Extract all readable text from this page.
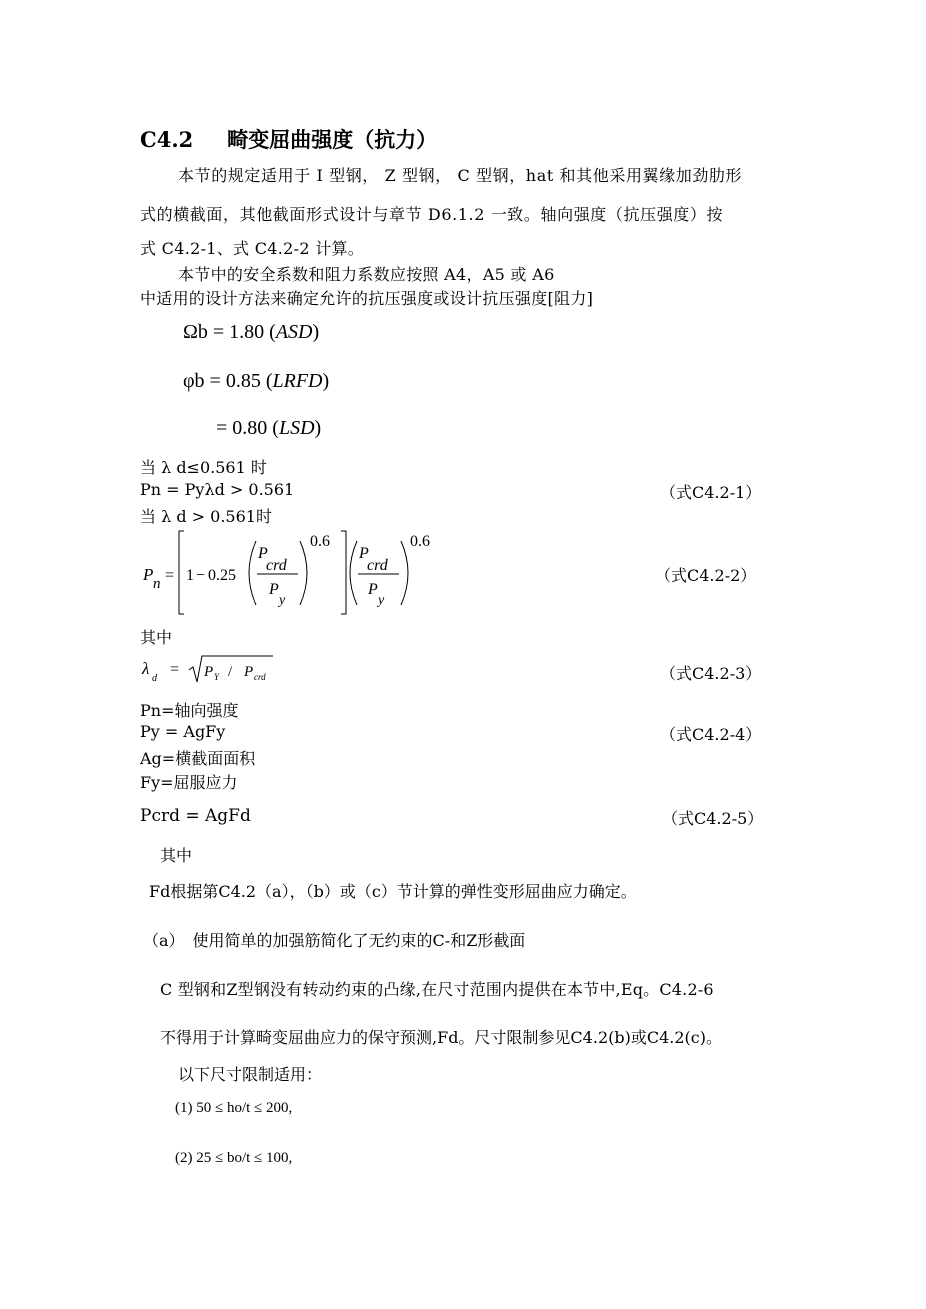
C4.2 畸变屈曲强度（抗力）
本节的规定适用于 I 型钢， Z 型钢， C 型钢，hat 和其他采用翼缘加劲肋形
式的横截面，其他截面形式设计与章节 D6.1.2 一致。轴向强度（抗压强度）按
式 C4.2-1、式 C4.2-2 计算。
本节中的安全系数和阻力系数应按照 A4，A5 或 A6
中适用的设计方法来确定允许的抗压强度或设计抗压强度[阻力]
Ωb = 1.80 (ASD)
φb = 0.85 (LRFD)
= 0.80 (LSD)
当 λ d≤0.561 时
Pn = Pyλd > 0.561	（式C4.2-1）
当 λ d > 0.561时
P n = 1 − 0.25
P
crd
P
y
0.6
P
crd
P
y
0.6
（式C4.2-2）
其中
λ
d
= P Y / P crd	（式C4.2-3）
Pn=轴向强度
Py = AgFy	（式C4.2-4）
Ag=横截面面积
Fy=屈服应力
Pcrd = AgFd	（式C4.2-5）
其中
Fd根据第C4.2（a），（b）或（c）节计算的弹性变形屈曲应力确定。
（a）　使用简单的加强筋简化了无约束的C-和Z形截面
C 型钢和Z型钢没有转动约束的凸缘,在尺寸范围内提供在本节中,Eq。C4.2-6
不得用于计算畸变屈曲应力的保守预测,Fd。尺寸限制参见C4.2(b)或C4.2(c)。
以下尺寸限制适用：
(1) 50 ≤ ho/t ≤ 200,
(2) 25 ≤ bo/t ≤ 100,
